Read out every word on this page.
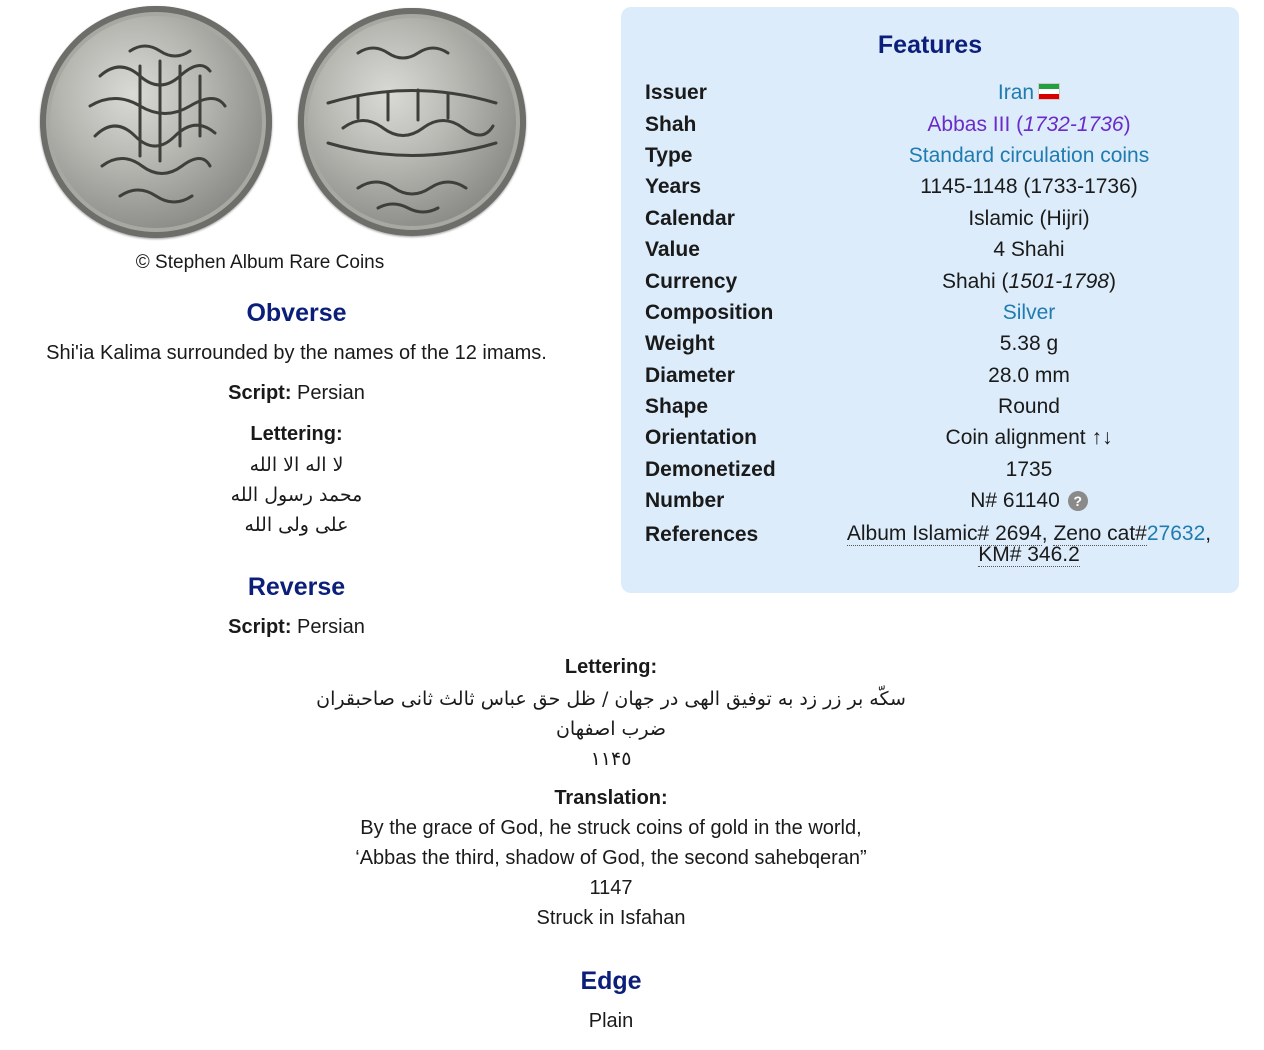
© Stephen Album Rare Coins
Obverse
Shi'ia Kalima surrounded by the names of the 12 imams.
Script: Persian
Lettering:
لا اله الا الله
محمد رسول الله
على ولى الله
Reverse
Script: Persian
Lettering:
سکّه بر زر زد به توفیق الهی در جهان / ظل حق عباس ثالث ثانی صاحبقران
ضرب اصفهان
١١۴٥
Translation:
By the grace of God, he struck coins of gold in the world,
‘Abbas the third, shadow of God, the second sahebqeran”
1147
Struck in Isfahan
Edge
Plain
Features
Issuer	Iran
Shah	Abbas III (1732-1736)
Type	Standard circulation coins
Years	1145-1148 (1733-1736)
Calendar	Islamic (Hijri)
Value	4 Shahi
Currency	Shahi (1501-1798)
Composition	Silver
Weight	5.38 g
Diameter	28.0 mm
Shape	Round
Orientation	Coin alignment ↑↓
Demonetized	1735
Number	N# 61140 ?
References	Album Islamic# 2694, Zeno cat#27632, KM# 346.2
